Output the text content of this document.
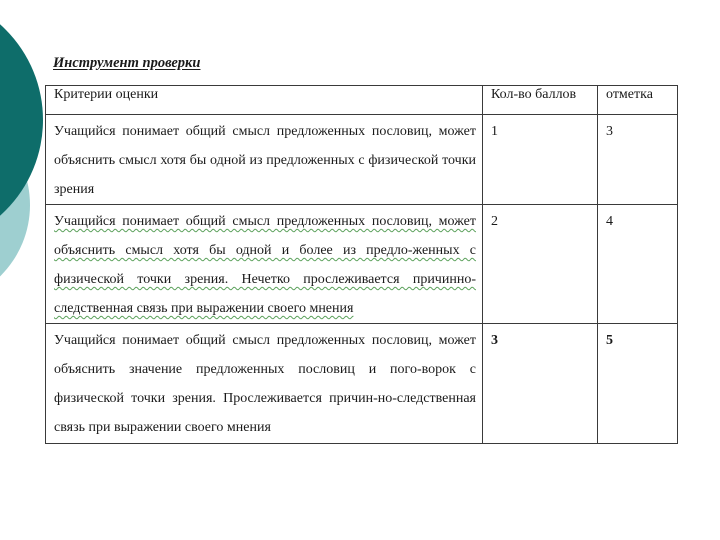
Инструмент проверки
Критерии оценки	Кол-во баллов	отметка
Учащийся понимает общий смысл предложенных пословиц, может объяснить смысл хотя бы одной из предложенных с физической точки зрения	1	3
Учащийся понимает общий смысл предложенных пословиц, может объяснить смысл хотя бы одной и более из предло-женных с физической точки зрения. Нечетко прослеживается причинно-следственная связь при выражении своего мнения	2	4
Учащийся понимает общий смысл предложенных пословиц, может объяснить значение предложенных пословиц и пого-ворок с физической точки зрения. Прослеживается причин-но-следственная связь при выражении своего мнения	3	5
